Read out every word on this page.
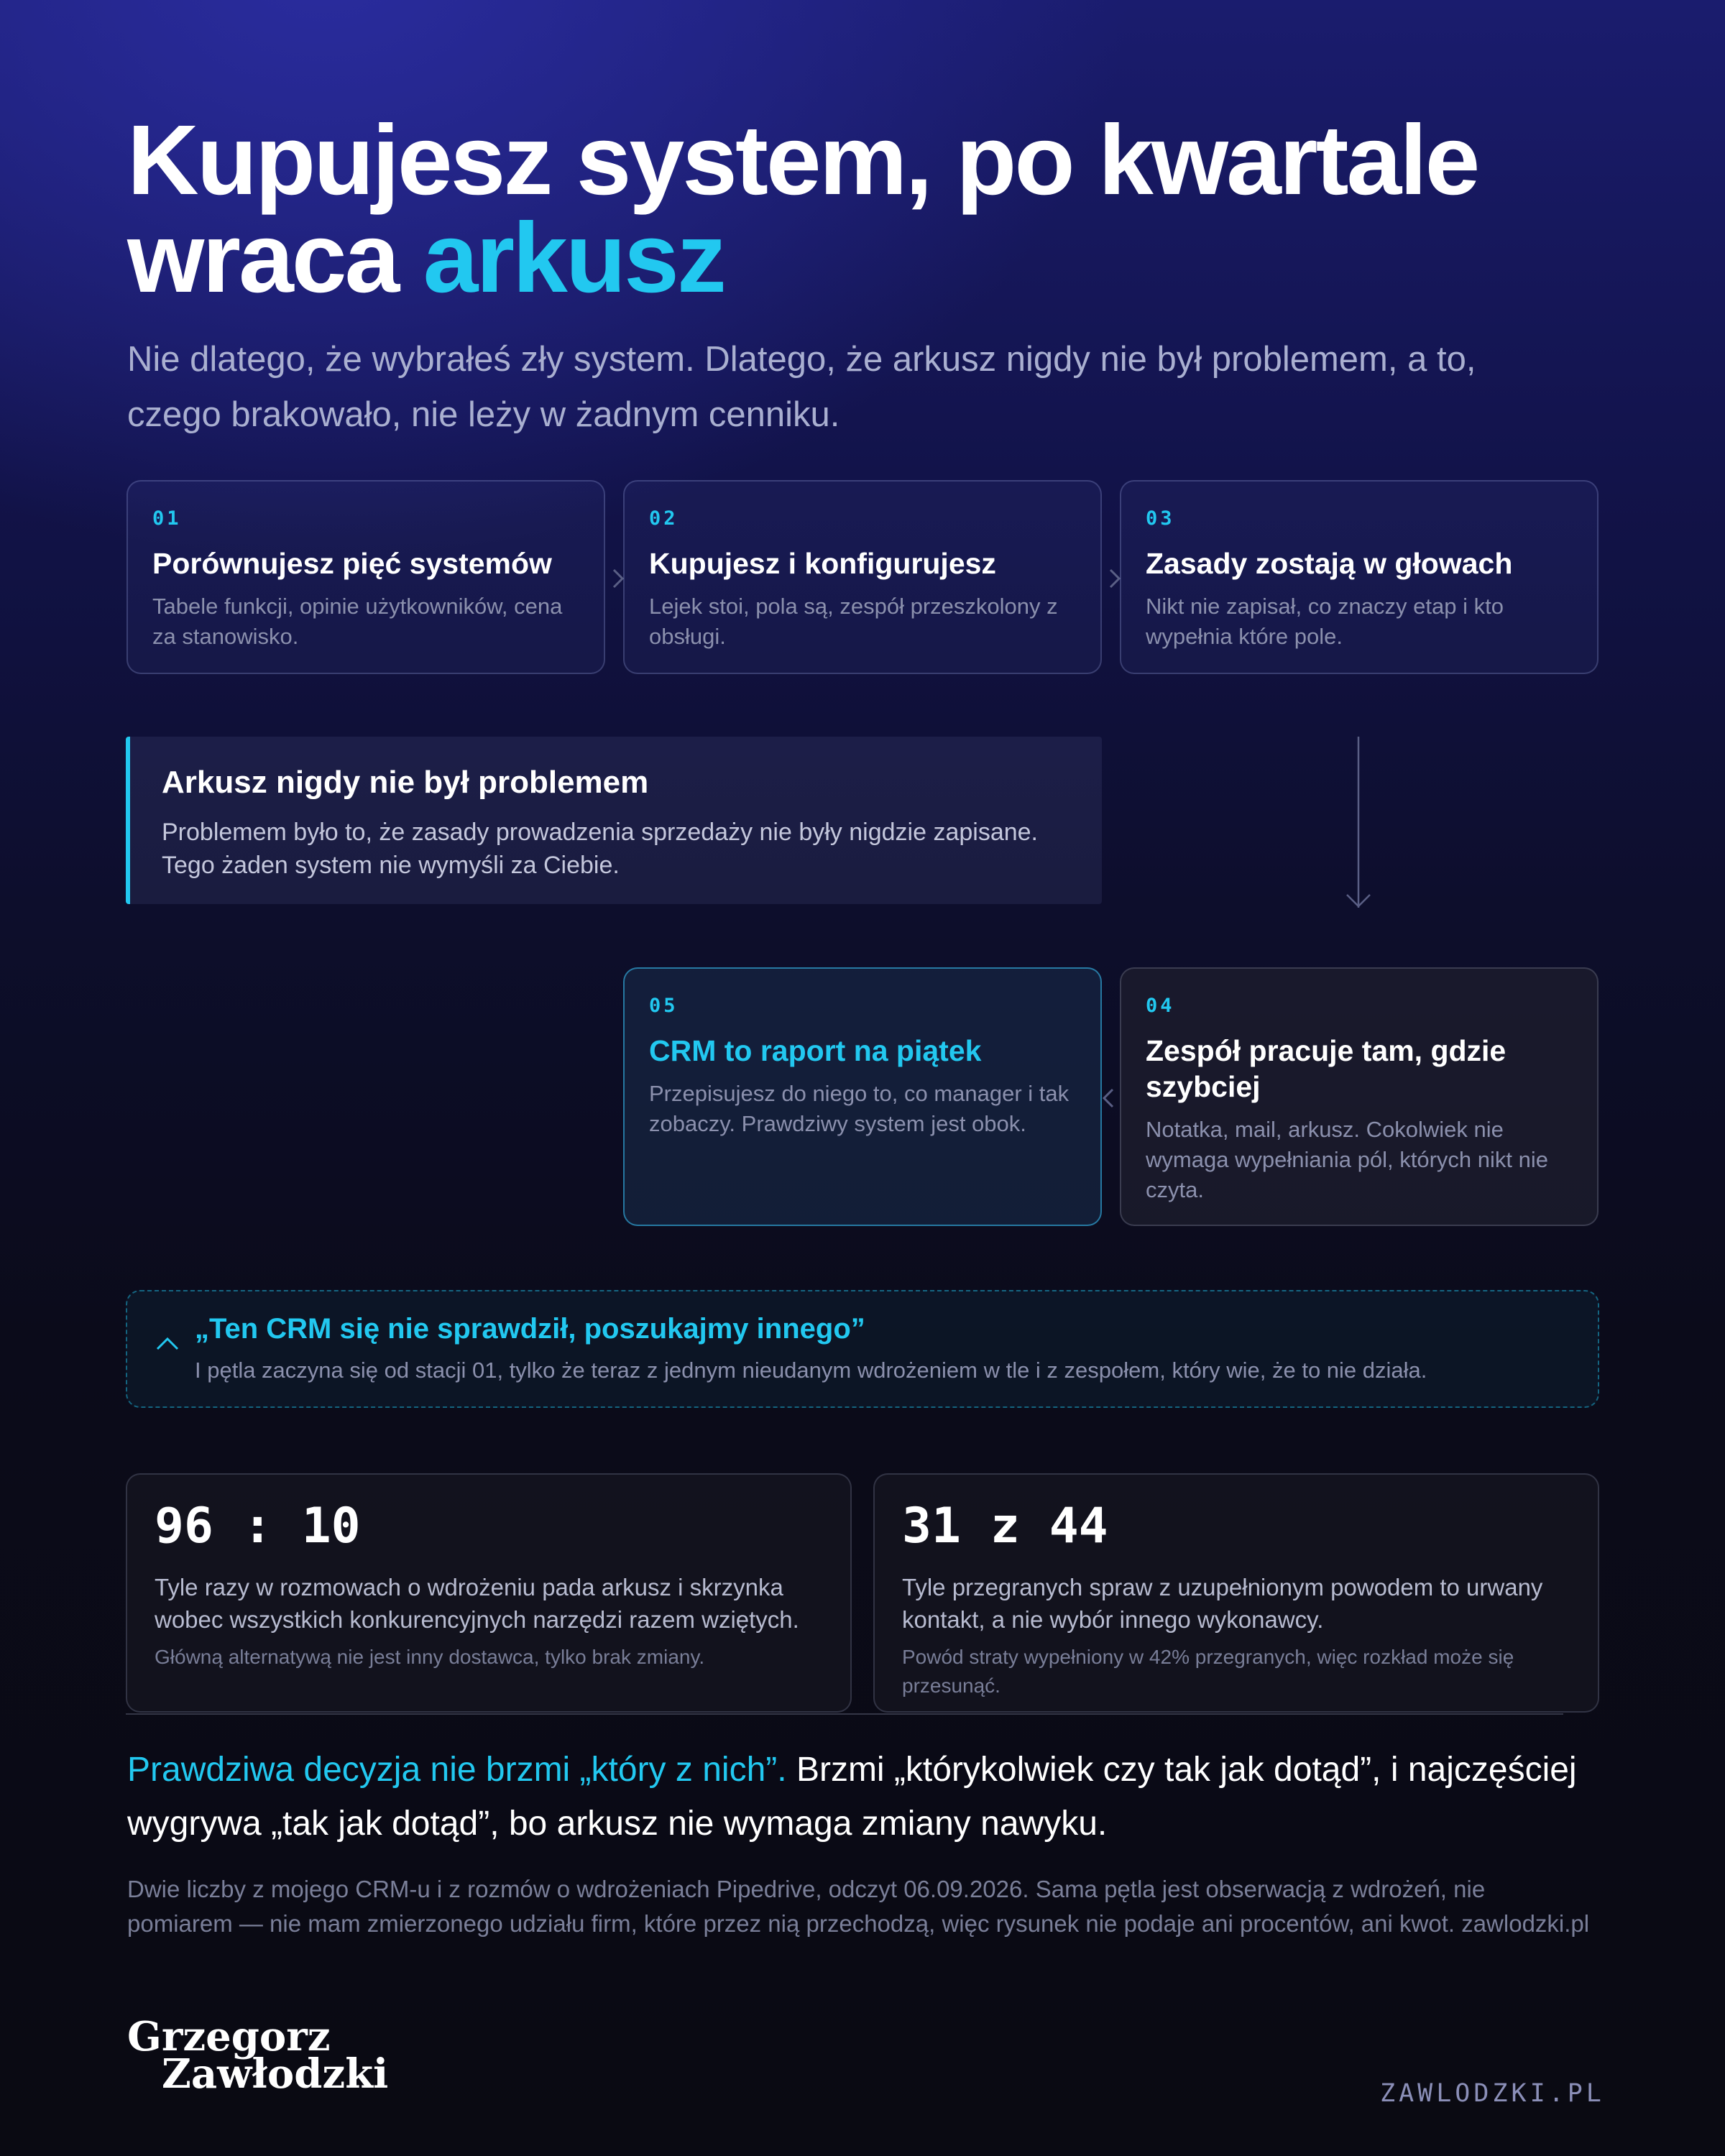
Kupujesz system, po kwartale wraca arkusz
Nie dlatego, że wybrałeś zły system. Dlatego, że arkusz nigdy nie był problemem, a to, czego brakowało, nie leży w żadnym cenniku.
01
Porównujesz pięć systemów
Tabele funkcji, opinie użytkowników, cena za stanowisko.
02
Kupujesz i konfigurujesz
Lejek stoi, pola są, zespół przeszkolony z obsługi.
03
Zasady zostają w głowach
Nikt nie zapisał, co znaczy etap i kto wypełnia które pole.
Arkusz nigdy nie był problemem
Problemem było to, że zasady prowadzenia sprzedaży nie były nigdzie zapisane. Tego żaden system nie wymyśli za Ciebie.
05
CRM to raport na piątek
Przepisujesz do niego to, co manager i tak zobaczy. Prawdziwy system jest obok.
04
Zespół pracuje tam, gdzie szybciej
Notatka, mail, arkusz. Cokolwiek nie wymaga wypełniania pól, których nikt nie czyta.
„Ten CRM się nie sprawdził, poszukajmy innego”
I pętla zaczyna się od stacji 01, tylko że teraz z jednym nieudanym wdrożeniem w tle i z zespołem, który wie, że to nie działa.
96 : 10
Tyle razy w rozmowach o wdrożeniu pada arkusz i skrzynka wobec wszystkich konkurencyjnych narzędzi razem wziętych.
Główną alternatywą nie jest inny dostawca, tylko brak zmiany.
31 z 44
Tyle przegranych spraw z uzupełnionym powodem to urwany kontakt, a nie wybór innego wykonawcy.
Powód straty wypełniony w 42% przegranych, więc rozkład może się przesunąć.
Prawdziwa decyzja nie brzmi „który z nich”. Brzmi „którykolwiek czy tak jak dotąd”, i najczęściej wygrywa „tak jak dotąd”, bo arkusz nie wymaga zmiany nawyku.
Dwie liczby z mojego CRM-u i z rozmów o wdrożeniach Pipedrive, odczyt 06.09.2026. Sama pętla jest obserwacją z wdrożeń, nie pomiarem — nie mam zmierzonego udziału firm, które przez nią przechodzą, więc rysunek nie podaje ani procentów, ani kwot. zawlodzki.pl
Grzegorz
Zawłodzki	ZAWLODZKI.PL
